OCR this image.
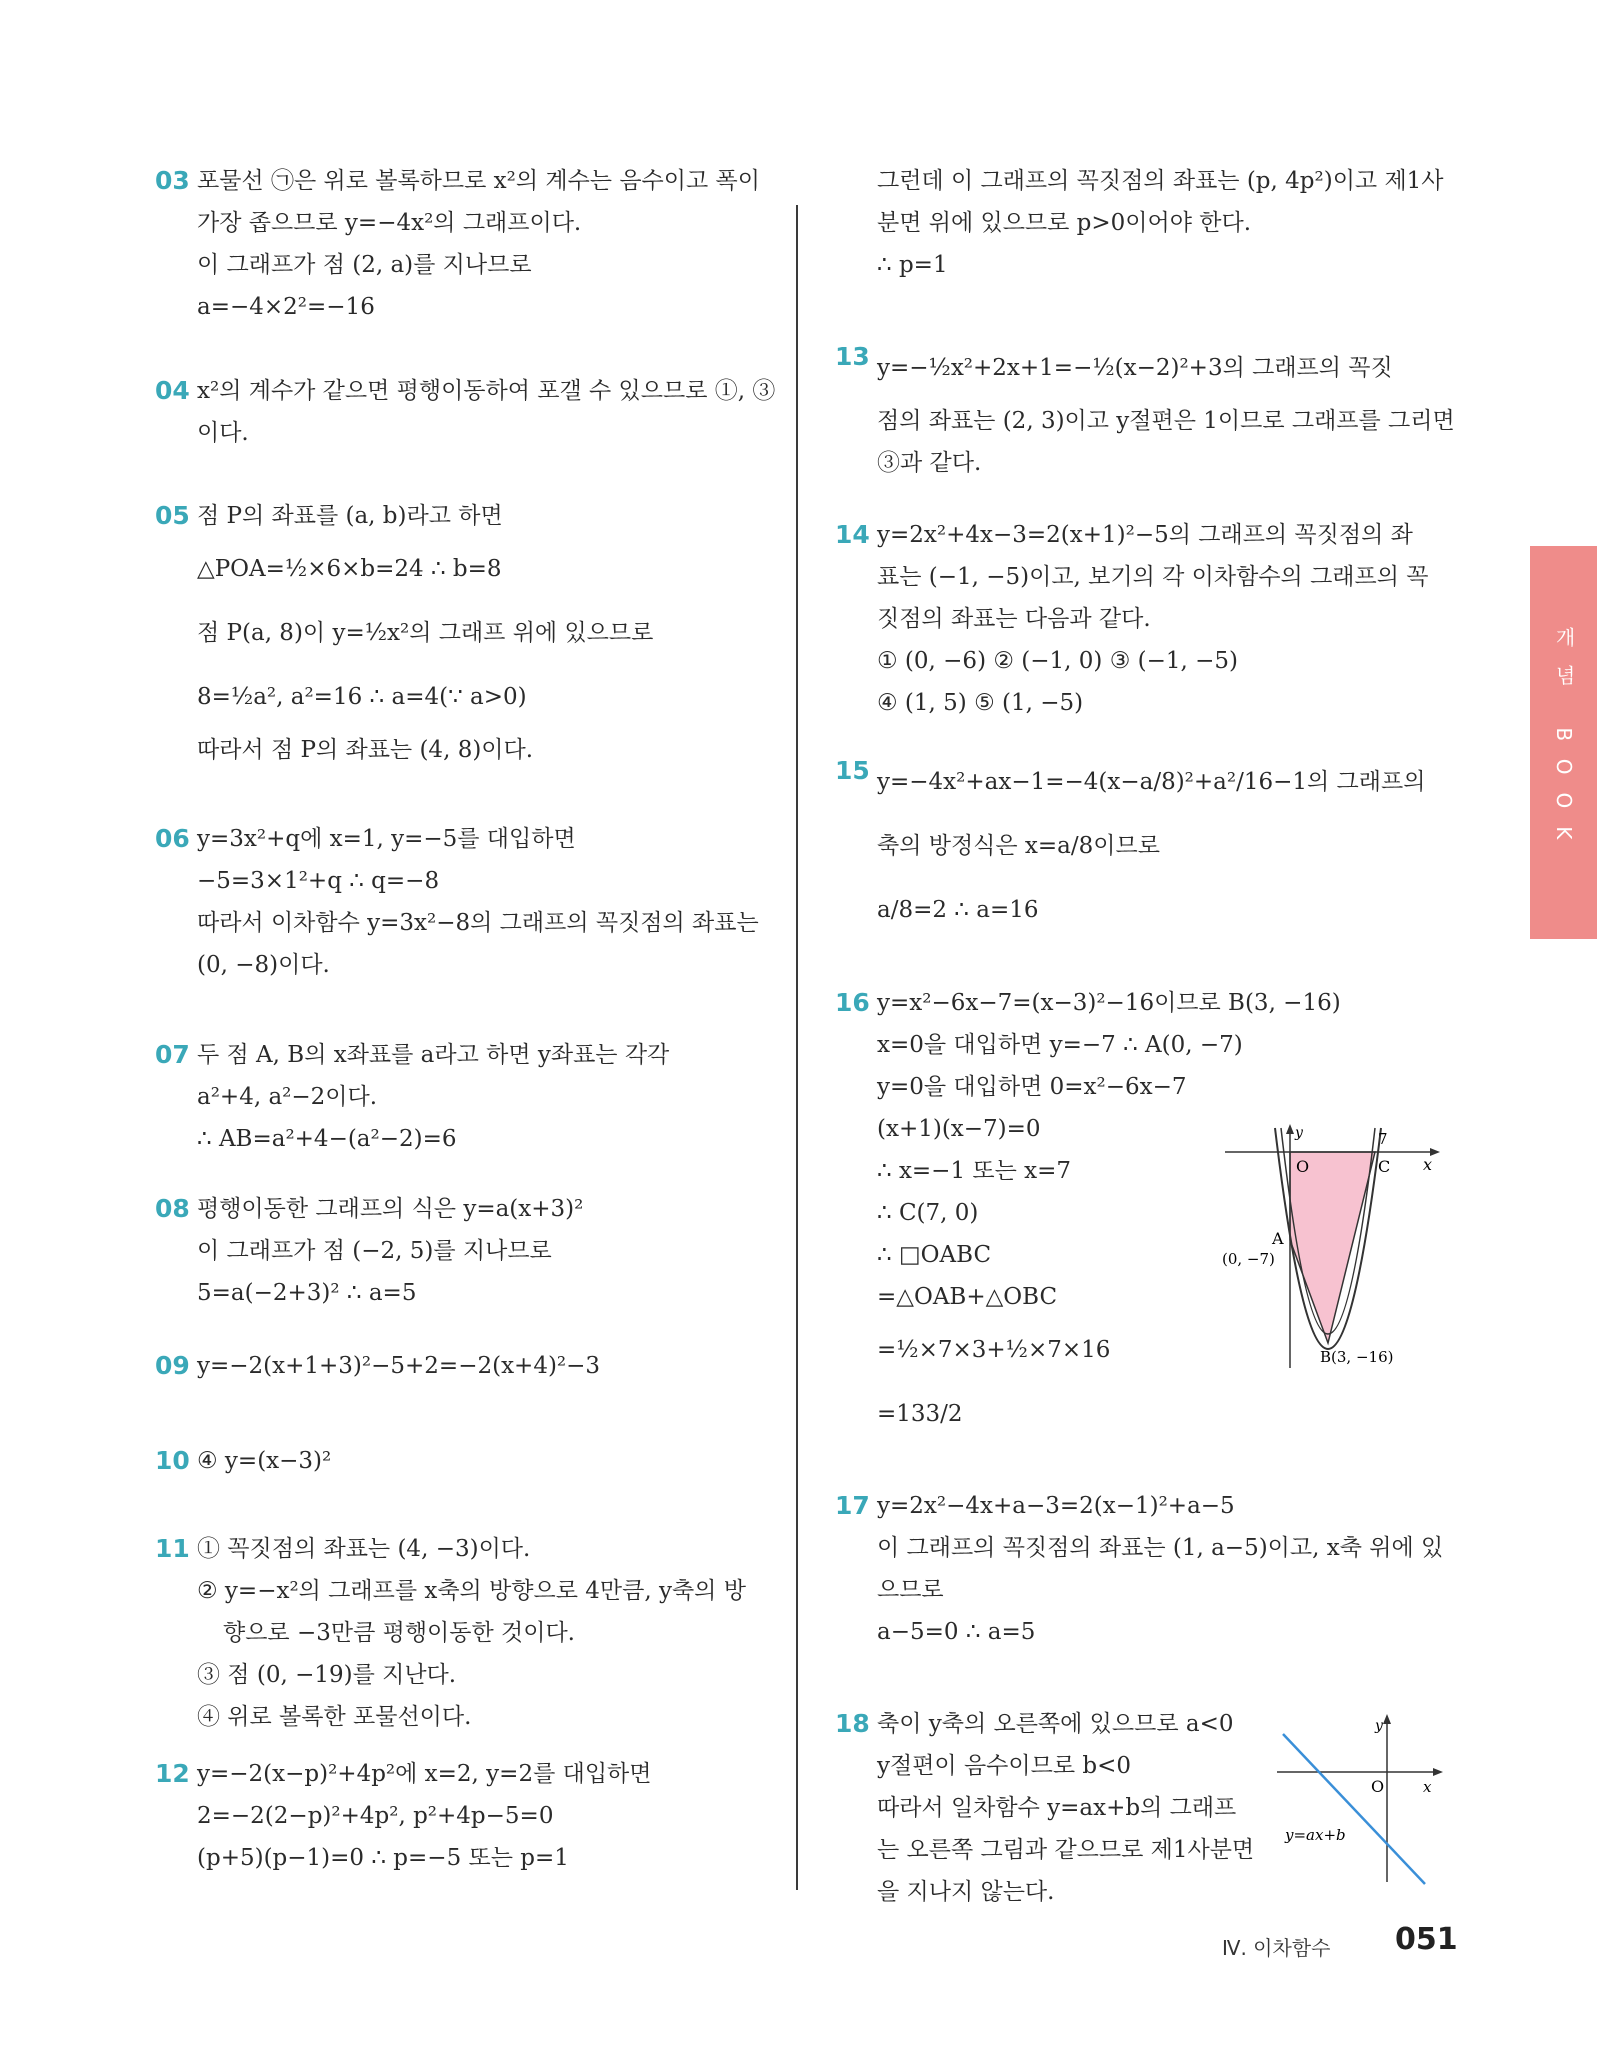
03 포물선 ㉠은 위로 볼록하므로 x²의 계수는 음수이고 폭이
가장 좁으므로 y=−4x²의 그래프이다.
이 그래프가 점 (2, a)를 지나므로
a=−4×2²=−16
04 x²의 계수가 같으면 평행이동하여 포갤 수 있으므로 ①, ③
이다.
05 점 P의 좌표를 (a, b)라고 하면
△POA=½×6×b=24 ∴ b=8
점 P(a, 8)이 y=½x²의 그래프 위에 있으므로
8=½a², a²=16 ∴ a=4(∵ a>0)
따라서 점 P의 좌표는 (4, 8)이다.
06 y=3x²+q에 x=1, y=−5를 대입하면
−5=3×1²+q ∴ q=−8
따라서 이차함수 y=3x²−8의 그래프의 꼭짓점의 좌표는
(0, −8)이다.
07 두 점 A, B의 x좌표를 a라고 하면 y좌표는 각각
a²+4, a²−2이다.
∴ AB=a²+4−(a²−2)=6
08 평행이동한 그래프의 식은 y=a(x+3)²
이 그래프가 점 (−2, 5)를 지나므로
5=a(−2+3)² ∴ a=5
09 y=−2(x+1+3)²−5+2=−2(x+4)²−3
10 ④ y=(x−3)²
11 ① 꼭짓점의 좌표는 (4, −3)이다.
② y=−x²의 그래프를 x축의 방향으로 4만큼, y축의 방
향으로 −3만큼 평행이동한 것이다.
③ 점 (0, −19)를 지난다.
④ 위로 볼록한 포물선이다.
12 y=−2(x−p)²+4p²에 x=2, y=2를 대입하면
2=−2(2−p)²+4p², p²+4p−5=0
(p+5)(p−1)=0 ∴ p=−5 또는 p=1
그런데 이 그래프의 꼭짓점의 좌표는 (p, 4p²)이고 제1사
분면 위에 있으므로 p>0이어야 한다.
∴ p=1
13 y=−½x²+2x+1=−½(x−2)²+3의 그래프의 꼭짓
점의 좌표는 (2, 3)이고 y절편은 1이므로 그래프를 그리면
③과 같다.
14 y=2x²+4x−3=2(x+1)²−5의 그래프의 꼭짓점의 좌
표는 (−1, −5)이고, 보기의 각 이차함수의 그래프의 꼭
짓점의 좌표는 다음과 같다.
① (0, −6) ② (−1, 0) ③ (−1, −5)
④ (1, 5) ⑤ (1, −5)
15 y=−4x²+ax−1=−4(x−a/8)²+a²/16−1의 그래프의
축의 방정식은 x=a/8이므로
a/8=2 ∴ a=16
16 y=x²−6x−7=(x−3)²−16이므로 B(3, −16)
x=0을 대입하면 y=−7 ∴ A(0, −7)
y=0을 대입하면 0=x²−6x−7
(x+1)(x−7)=0
∴ x=−1 또는 x=7
∴ C(7, 0)
∴ □OABC
=△OAB+△OBC
=½×7×3+½×7×16
=133/2
17 y=2x²−4x+a−3=2(x−1)²+a−5
이 그래프의 꼭짓점의 좌표는 (1, a−5)이고, x축 위에 있
으므로
a−5=0 ∴ a=5
18 축이 y축의 오른쪽에 있으므로 a<0
y절편이 음수이므로 b<0
따라서 일차함수 y=ax+b의 그래프
는 오른쪽 그림과 같으므로 제1사분면
을 지나지 않는다.
y	7
O	C x
A
(0, −7)
B(3, −16)
y
O	x
y=ax+b
개념 BOOK
Ⅳ. 이차함수 051
